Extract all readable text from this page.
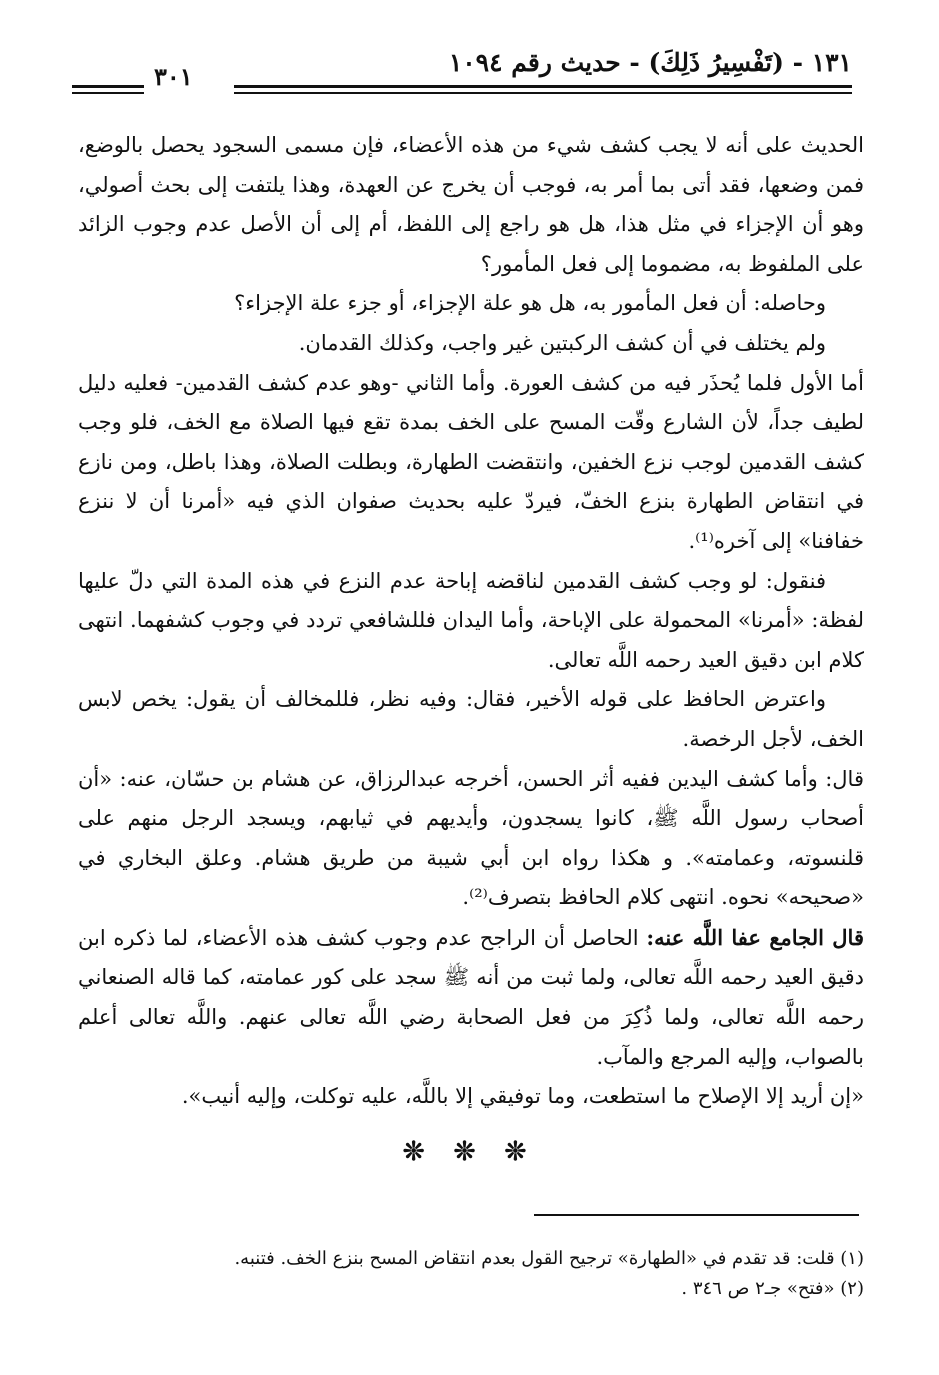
١٣١ - (تَفْسِيرُ ذَلِكَ) - حديث رقم ١٠٩٤
٣٠١

الحديث على أنه لا يجب كشف شيء من هذه الأعضاء، فإن مسمى السجود يحصل بالوضع، فمن وضعها، فقد أتى بما أمر به، فوجب أن يخرج عن العهدة، وهذا يلتفت إلى بحث أصولي، وهو أن الإجزاء في مثل هذا، هل هو راجع إلى اللفظ، أم إلى أن الأصل عدم وجوب الزائد على الملفوظ به، مضموما إلى فعل المأمور؟

وحاصله: أن فعل المأمور به، هل هو علة الإجزاء، أو جزء علة الإجزاء؟

ولم يختلف في أن كشف الركبتين غير واجب، وكذلك القدمان.

أما الأول فلما يُحذَر فيه من كشف العورة. وأما الثاني -وهو عدم كشف القدمين- فعليه دليل لطيف جداً، لأن الشارع وقّت المسح على الخف بمدة تقع فيها الصلاة مع الخف، فلو وجب كشف القدمين لوجب نزع الخفين، وانتقضت الطهارة، وبطلت الصلاة، وهذا باطل، ومن نازع في انتقاض الطهارة بنزع الخفّ، فيردّ عليه بحديث صفوان الذي فيه «أمرنا أن لا ننزع خفافنا» إلى آخره⁽¹⁾.

فنقول: لو وجب كشف القدمين لناقضه إباحة عدم النزع في هذه المدة التي دلّ عليها لفظة: «أمرنا» المحمولة على الإباحة، وأما اليدان فللشافعي تردد في وجوب كشفهما. انتهى كلام ابن دقيق العيد رحمه اللَّه تعالى.

واعترض الحافظ على قوله الأخير، فقال: وفيه نظر، فللمخالف أن يقول: يخص لابس الخف، لأجل الرخصة.

قال: وأما كشف اليدين ففيه أثر الحسن، أخرجه عبدالرزاق، عن هشام بن حسّان، عنه: «أن أصحاب رسول اللَّه ﷺ، كانوا يسجدون، وأيديهم في ثيابهم، ويسجد الرجل منهم على قلنسوته، وعمامته». و هكذا رواه ابن أبي شيبة من طريق هشام. وعلق البخاري في «صحيحه» نحوه. انتهى كلام الحافظ بتصرف⁽²⁾.

قال الجامع عفا اللَّه عنه: الحاصل أن الراجح عدم وجوب كشف هذه الأعضاء، لما ذكره ابن دقيق العيد رحمه اللَّه تعالى، ولما ثبت من أنه ﷺ سجد على كور عمامته، كما قاله الصنعاني رحمه اللَّه تعالى، ولما ذُكِرَ من فعل الصحابة رضي اللَّه تعالى عنهم. واللَّه تعالى أعلم بالصواب، وإليه المرجع والمآب.

«إن أريد إلا الإصلاح ما استطعت، وما توفيقي إلا باللَّه، عليه توكلت، وإليه أنيب».

❊ ❊ ❊

(١) قلت: قد تقدم في «الطهارة» ترجيح القول بعدم انتقاض المسح بنزع الخف. فتنبه.

(٢) «فتح» جـ٢ ص ٣٤٦ .
